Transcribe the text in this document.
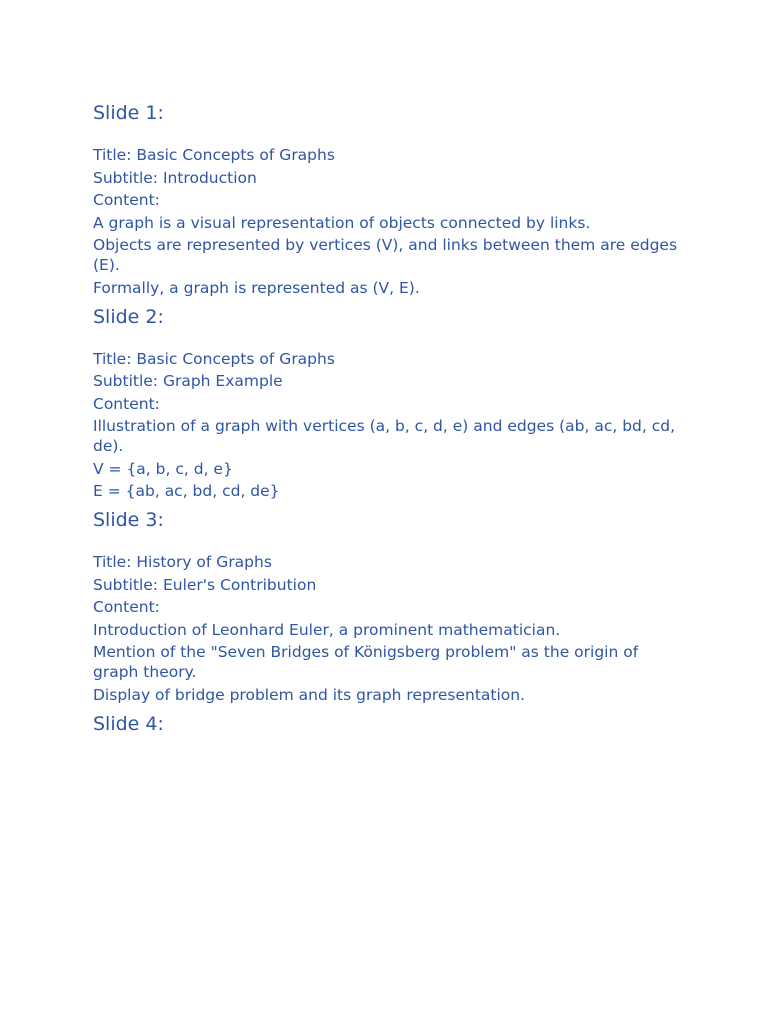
Slide 1:
Title: Basic Concepts of Graphs
Subtitle: Introduction
Content:
A graph is a visual representation of objects connected by links.
Objects are represented by vertices (V), and links between them are edges (E).
Formally, a graph is represented as (V, E).
Slide 2:
Title: Basic Concepts of Graphs
Subtitle: Graph Example
Content:
Illustration of a graph with vertices (a, b, c, d, e) and edges (ab, ac, bd, cd, de).
V = {a, b, c, d, e}
E = {ab, ac, bd, cd, de}
Slide 3:
Title: History of Graphs
Subtitle: Euler's Contribution
Content:
Introduction of Leonhard Euler, a prominent mathematician.
Mention of the "Seven Bridges of Königsberg problem" as the origin of graph theory.
Display of bridge problem and its graph representation.
Slide 4:
